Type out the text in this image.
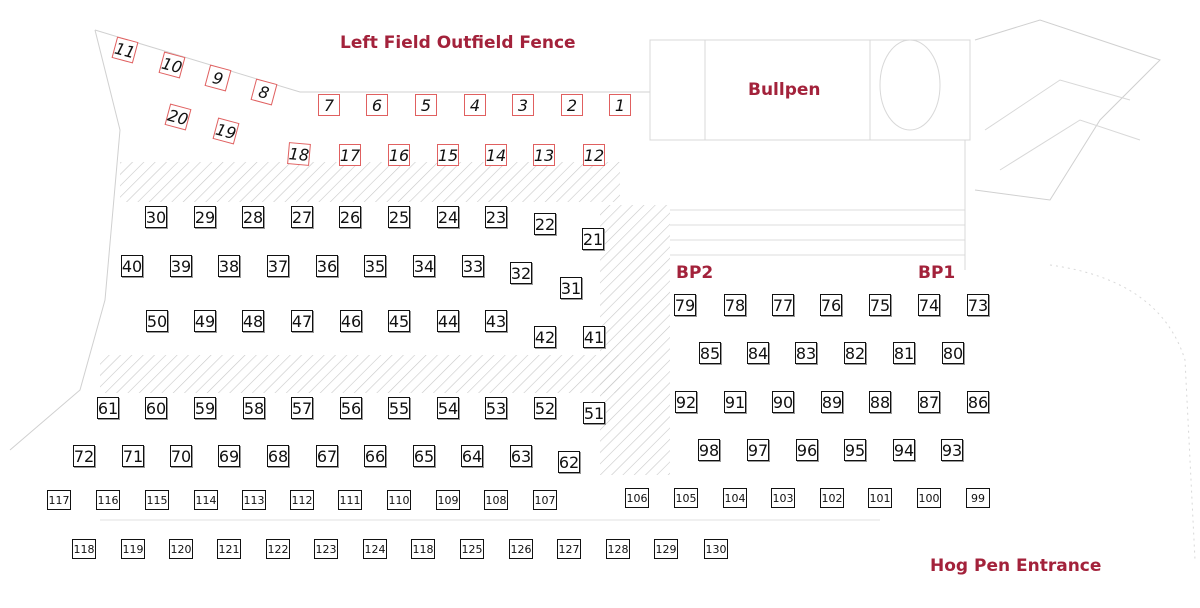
Left Field Outfield Fence
Bullpen
BP2	BP1
Hog Pen Entrance
11
10
9
8
7	6	5	4	3	2	1
20
19
18 17 16 15 14 13 12
30 29 28 27 26 25 24 23 22
21
40 39 38 37 36 35 34 33 32
31
50 49 48 47 46 45 44 43
42 41
61 60 59 58 57 56 55 54 53 52 51
72 71 70 69 68 67 66 65 64 63 62
79 78 77 76 75 74 73
85 84 83 82 81 80
92 91 90 89 88 87 86
98 97 96 95 94 93
117	116	115	114 113 112 111	110	109 108	107	106	105	104 103	102 101	100	99
118	119 120 121	122 123	124 118	125	126 127	128 129	130
